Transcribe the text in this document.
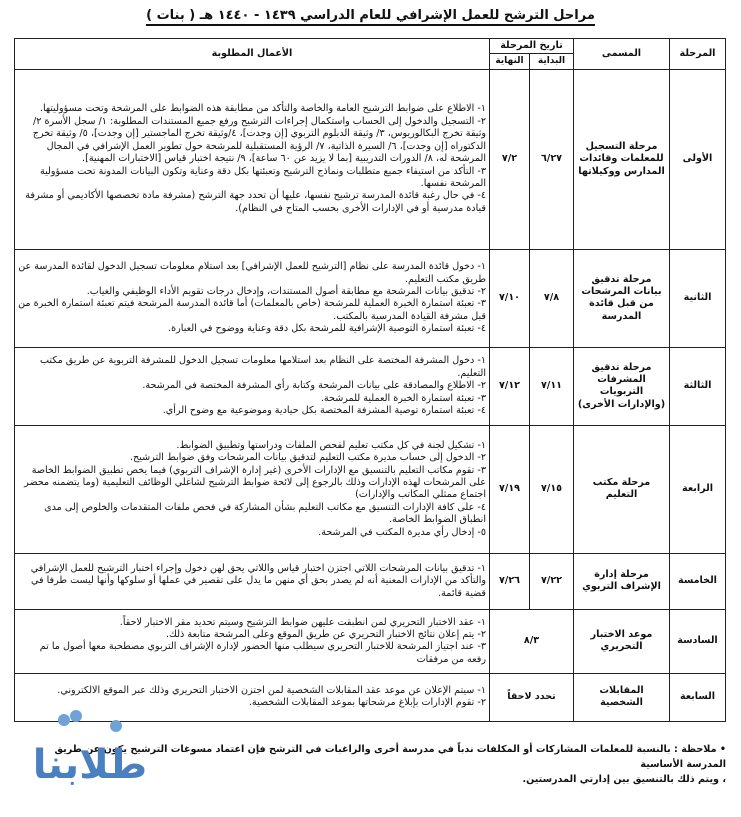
مراحل الترشح للعمل الإشرافي للعام الدراسي ١٤٣٩ - ١٤٤٠ هـ ( بنات )
المرحلة	المسمى	تاريخ المرحلة		الأعمال المطلوبة
		البداية	النهاية	
الأولى	مرحلة التسجيل للمعلمات وقائدات المدارس ووكيلاتها	٦/٢٧	٧/٢	١- الاطلاع على ضوابط الترشيح العامة والخاصة والتأكد من مطابقة هذه الضوابط على المرشحة وتحت مسؤوليتها.
٢- التسجيل والدخول إلى الحساب واستكمال إجراءات الترشيح ورفع جميع المستندات المطلوبة: ١/ سجل الأسرة ٢/ وثيقة تخرج البكالوريوس، ٣/ وثيقة الدبلوم التربوي [إن وجدت]، ٤/وثيقة تخرج الماجستير [إن وجدت]، ٥/ وثيقة تخرج الدكتوراه [إن وجدت]، ٦/ السيرة الذاتية، ٧/ الرؤية المستقبلية للمرشحة حول تطوير العمل الإشرافي في المجال المرشحة له، ٨/ الدورات التدريبية [بما لا يزيد عن ٦٠ ساعة]، ٩/ نتيجة اختبار قياس [الاختبارات المهنية].
٣- التأكد من استيفاء جميع متطلبات ونماذج الترشيح وتعبئتها بكل دقة وعناية وتكون البيانات المدونة تحت مسؤولية المرشحة نفسها.
٤- في حال رغبة قائدة المدرسة ترشيح نفسها، عليها أن تحدد جهة الترشح (مشرفة مادة تخصصها الأكاديمي أو مشرفة قيادة مدرسية أو في الإدارات الأخرى بحسب المتاح في النظام).

الثانية	مرحلة تدقيق بيانات المرشحات من قبل قائدة المدرسة	٧/٨	٧/١٠	١- دخول قائدة المدرسة على نظام [الترشيح للعمل الإشرافي] بعد استلام معلومات تسجيل الدخول لقائدة المدرسة عن طريق مكتب التعليم.
٢- تدقيق بيانات المرشحة مع مطابقة أصول المستندات، وإدخال درجات تقويم الأداء الوظيفي والغياب.
٣- تعبئة استمارة الخبرة العملية للمرشحة (خاص بالمعلمات) أما قائدة المدرسة المرشحة فيتم تعبئة استمارة الخبرة من قبل مشرفة القيادة المدرسية بالمكتب.
٤- تعبئة استمارة التوصية الإشرافية للمرشحة بكل دقة وعناية ووضوح في العبارة.

الثالثة	مرحلة تدقيق المشرفات التربويات (والإدارات الأخرى)	٧/١١	٧/١٢	١- دخول المشرفة المختصة على النظام بعد استلامها معلومات تسجيل الدخول للمشرفة التربوية عن طريق مكتب التعليم.
٢- الاطلاع والمصادقة على بيانات المرشحة وكتابة رأي المشرفة المختصة في المرشحة.
٣- تعبئة استمارة الخبرة العملية للمرشحة.
٤- تعبئة استمارة توصية المشرفة المختصة بكل حيادية وموضوعية مع وضوح الرأي.

الرابعة	مرحلة مكتب التعليم	٧/١٥	٧/١٩	١- تشكيل لجنة في كل مكتب تعليم لفحص الملفات ودراستها وتطبيق الضوابط.
٢- الدخول إلى حساب مديرة مكتب التعليم لتدقيق بيانات المرشحات وفق ضوابط الترشيح.
٣- تقوم مكاتب التعليم بالتنسيق مع الإدارات الأخرى (غير إدارة الإشراف التربوي) فيما يخص تطبيق الضوابط الخاصة على المرشحات لهذه الإدارات وذلك بالرجوع إلى لائحة ضوابط الترشيح لشاغلي الوظائف التعليمية (وما يتضمنه محضر اجتماع ممثلي المكاتب والإدارات)
٤- على كافة الإدارات التنسيق مع مكاتب التعليم بشأن المشاركة في فحص ملفات المتقدمات والخلوص إلى مدى انطباق الضوابط الخاصة.
٥- إدخال رأي مديرة المكتب في المرشحة.

الخامسة	مرحلة إدارة الإشراف التربوي	٧/٢٢	٧/٢٦	١- تدقيق بيانات المرشحات اللاتي اجتزن اختبار قياس واللاتي يحق لهن دخول وإجراء اختبار الترشيح للعمل الإشرافي والتأكد من الإدارات المعنية أنه لم يصدر بحق أي منهن ما يدل على تقصير في عملها أو سلوكها وأنها ليست طرفا في قضية قائمة.

السادسة	موعد الاختبار التحريري	٨/٣		١- عقد الاختبار التحريري لمن انطبقت عليهن ضوابط الترشيح وسيتم تحديد مقر الاختبار لاحقاً.
٢- يتم إعلان نتائج الاختبار التحريري عن طريق الموقع وعلى المرشحة متابعة ذلك.
٣- عند اجتياز المرشحة للاختبار التحريري سيطلب منها الحضور لإدارة الإشراف التربوي مصطحبة معها أصول ما تم رفعه من مرفقات

السابعة	المقابلات الشخصية	تحدد لاحقاً		١- سيتم الإعلان عن موعد عقد المقابلات الشخصية لمن اجتزن الاختبار التحريري وذلك عبر الموقع الالكتروني.
٢- تقوم الإدارات بإبلاغ مرشحاتها بموعد المقابلات الشخصية.
• ملاحظة : بالنسبة للمعلمات المشاركات أو المكلفات ندباً في مدرسة أخرى والراغبات في الترشح فإن اعتماد مسوغات الترشيح يكون عن طريق المدرسة الأساسية
، ويتم ذلك بالتنسيق بين إدارتي المدرستين.
طلابنا
